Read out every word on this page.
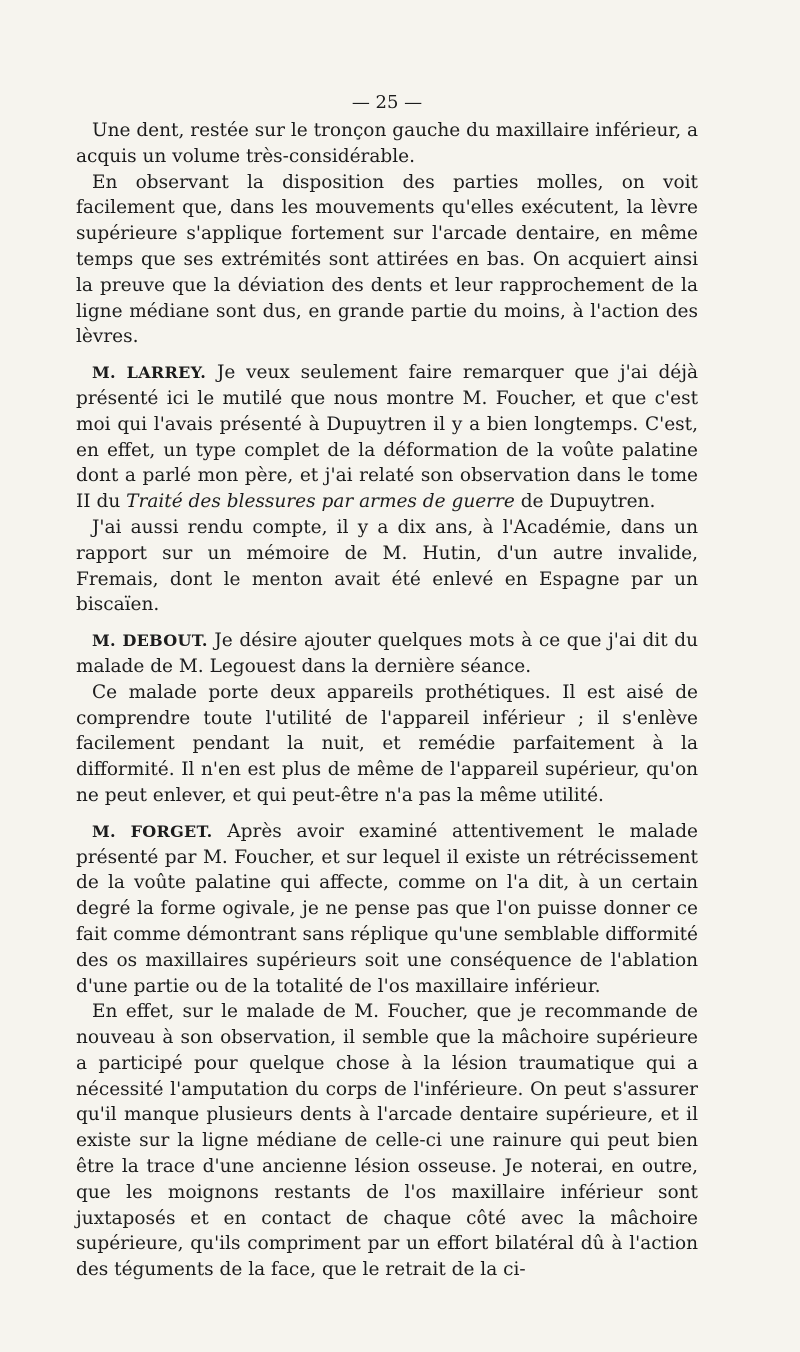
— 25 —

Une dent, restée sur le tronçon gauche du maxillaire inférieur, a acquis un volume très-considérable.

En observant la disposition des parties molles, on voit facilement que, dans les mouvements qu'elles exécutent, la lèvre supérieure s'applique fortement sur l'arcade dentaire, en même temps que ses extrémités sont attirées en bas. On acquiert ainsi la preuve que la déviation des dents et leur rapprochement de la ligne médiane sont dus, en grande partie du moins, à l'action des lèvres.

M. LARREY. Je veux seulement faire remarquer que j'ai déjà présenté ici le mutilé que nous montre M. Foucher, et que c'est moi qui l'avais présenté à Dupuytren il y a bien longtemps. C'est, en effet, un type complet de la déformation de la voûte palatine dont a parlé mon père, et j'ai relaté son observation dans le tome II du Traité des blessures par armes de guerre de Dupuytren.

J'ai aussi rendu compte, il y a dix ans, à l'Académie, dans un rapport sur un mémoire de M. Hutin, d'un autre invalide, Fremais, dont le menton avait été enlevé en Espagne par un biscaïen.

M. DEBOUT. Je désire ajouter quelques mots à ce que j'ai dit du malade de M. Legouest dans la dernière séance.

Ce malade porte deux appareils prothétiques. Il est aisé de comprendre toute l'utilité de l'appareil inférieur ; il s'enlève facilement pendant la nuit, et remédie parfaitement à la difformité. Il n'en est plus de même de l'appareil supérieur, qu'on ne peut enlever, et qui peut-être n'a pas la même utilité.

M. FORGET. Après avoir examiné attentivement le malade présenté par M. Foucher, et sur lequel il existe un rétrécissement de la voûte palatine qui affecte, comme on l'a dit, à un certain degré la forme ogivale, je ne pense pas que l'on puisse donner ce fait comme démontrant sans réplique qu'une semblable difformité des os maxillaires supérieurs soit une conséquence de l'ablation d'une partie ou de la totalité de l'os maxillaire inférieur.

En effet, sur le malade de M. Foucher, que je recommande de nouveau à son observation, il semble que la mâchoire supérieure a participé pour quelque chose à la lésion traumatique qui a nécessité l'amputation du corps de l'inférieure. On peut s'assurer qu'il manque plusieurs dents à l'arcade dentaire supérieure, et il existe sur la ligne médiane de celle-ci une rainure qui peut bien être la trace d'une ancienne lésion osseuse. Je noterai, en outre, que les moignons restants de l'os maxillaire inférieur sont juxtaposés et en contact de chaque côté avec la mâchoire supérieure, qu'ils compriment par un effort bilatéral dû à l'action des téguments de la face, que le retrait de la ci-
